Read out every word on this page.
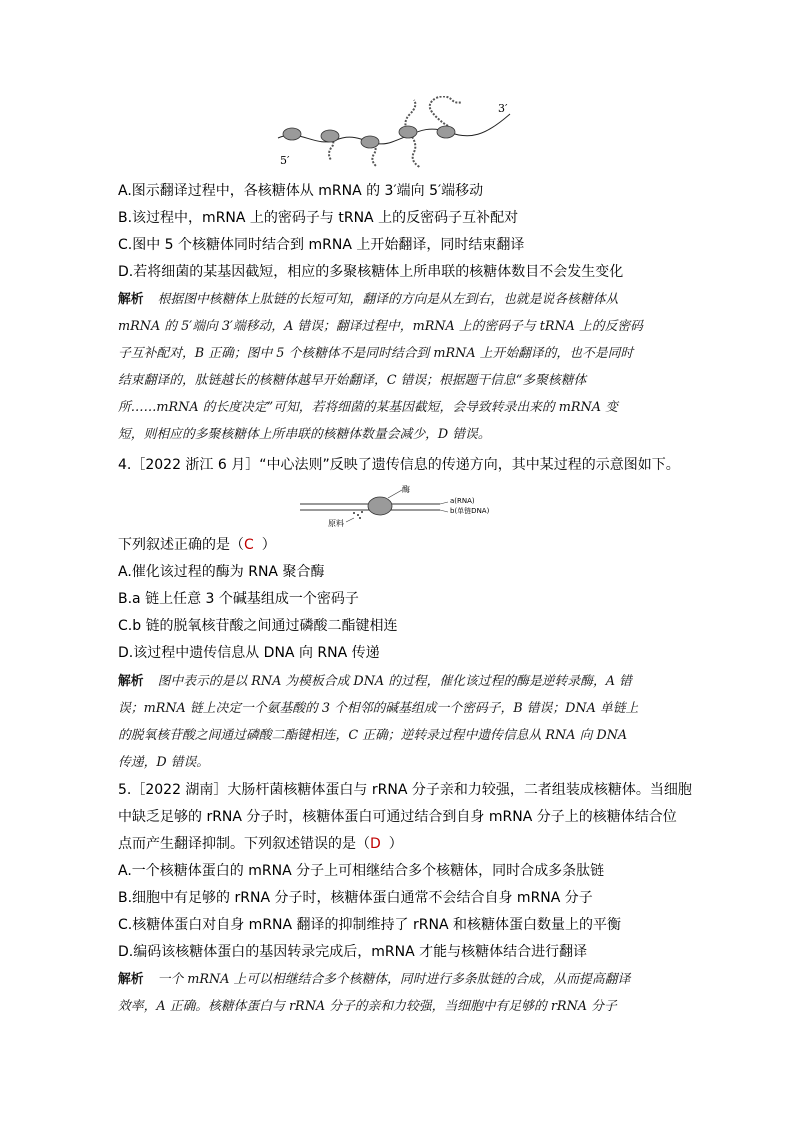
5′
3′
A.图示翻译过程中，各核糖体从 mRNA 的 3′端向 5′端移动
B.该过程中，mRNA 上的密码子与 tRNA 上的反密码子互补配对
C.图中 5 个核糖体同时结合到 mRNA 上开始翻译，同时结束翻译
D.若将细菌的某基因截短，相应的多聚核糖体上所串联的核糖体数目不会发生变化
解析 根据图中核糖体上肽链的长短可知，翻译的方向是从左到右，也就是说各核糖体从
mRNA 的 5′端向 3′端移动，A 错误；翻译过程中，mRNA 上的密码子与 tRNA 上的反密码
子互补配对，B 正确；图中 5 个核糖体不是同时结合到 mRNA 上开始翻译的，也不是同时
结束翻译的，肽链越长的核糖体越早开始翻译，C 错误；根据题干信息“多聚核糖体
所……mRNA 的长度决定”可知，若将细菌的某基因截短，会导致转录出来的 mRNA 变
短，则相应的多聚核糖体上所串联的核糖体数量会减少，D 错误。
4.［2022 浙江 6 月］“中心法则”反映了遗传信息的传递方向，其中某过程的示意图如下。
酶
a(RNA)
b(单链DNA)
原料
下列叙述正确的是（C ）
A.催化该过程的酶为 RNA 聚合酶
B.a 链上任意 3 个碱基组成一个密码子
C.b 链的脱氧核苷酸之间通过磷酸二酯键相连
D.该过程中遗传信息从 DNA 向 RNA 传递
解析 图中表示的是以 RNA 为模板合成 DNA 的过程，催化该过程的酶是逆转录酶，A 错
误；mRNA 链上决定一个氨基酸的 3 个相邻的碱基组成一个密码子，B 错误；DNA 单链上
的脱氧核苷酸之间通过磷酸二酯键相连，C 正确；逆转录过程中遗传信息从 RNA 向 DNA
传递，D 错误。
5.［2022 湖南］大肠杆菌核糖体蛋白与 rRNA 分子亲和力较强，二者组装成核糖体。当细胞
中缺乏足够的 rRNA 分子时，核糖体蛋白可通过结合到自身 mRNA 分子上的核糖体结合位
点而产生翻译抑制。下列叙述错误的是（D ）
A.一个核糖体蛋白的 mRNA 分子上可相继结合多个核糖体，同时合成多条肽链
B.细胞中有足够的 rRNA 分子时，核糖体蛋白通常不会结合自身 mRNA 分子
C.核糖体蛋白对自身 mRNA 翻译的抑制维持了 rRNA 和核糖体蛋白数量上的平衡
D.编码该核糖体蛋白的基因转录完成后，mRNA 才能与核糖体结合进行翻译
解析 一个 mRNA 上可以相继结合多个核糖体，同时进行多条肽链的合成，从而提高翻译
效率，A 正确。核糖体蛋白与 rRNA 分子的亲和力较强，当细胞中有足够的 rRNA 分子
